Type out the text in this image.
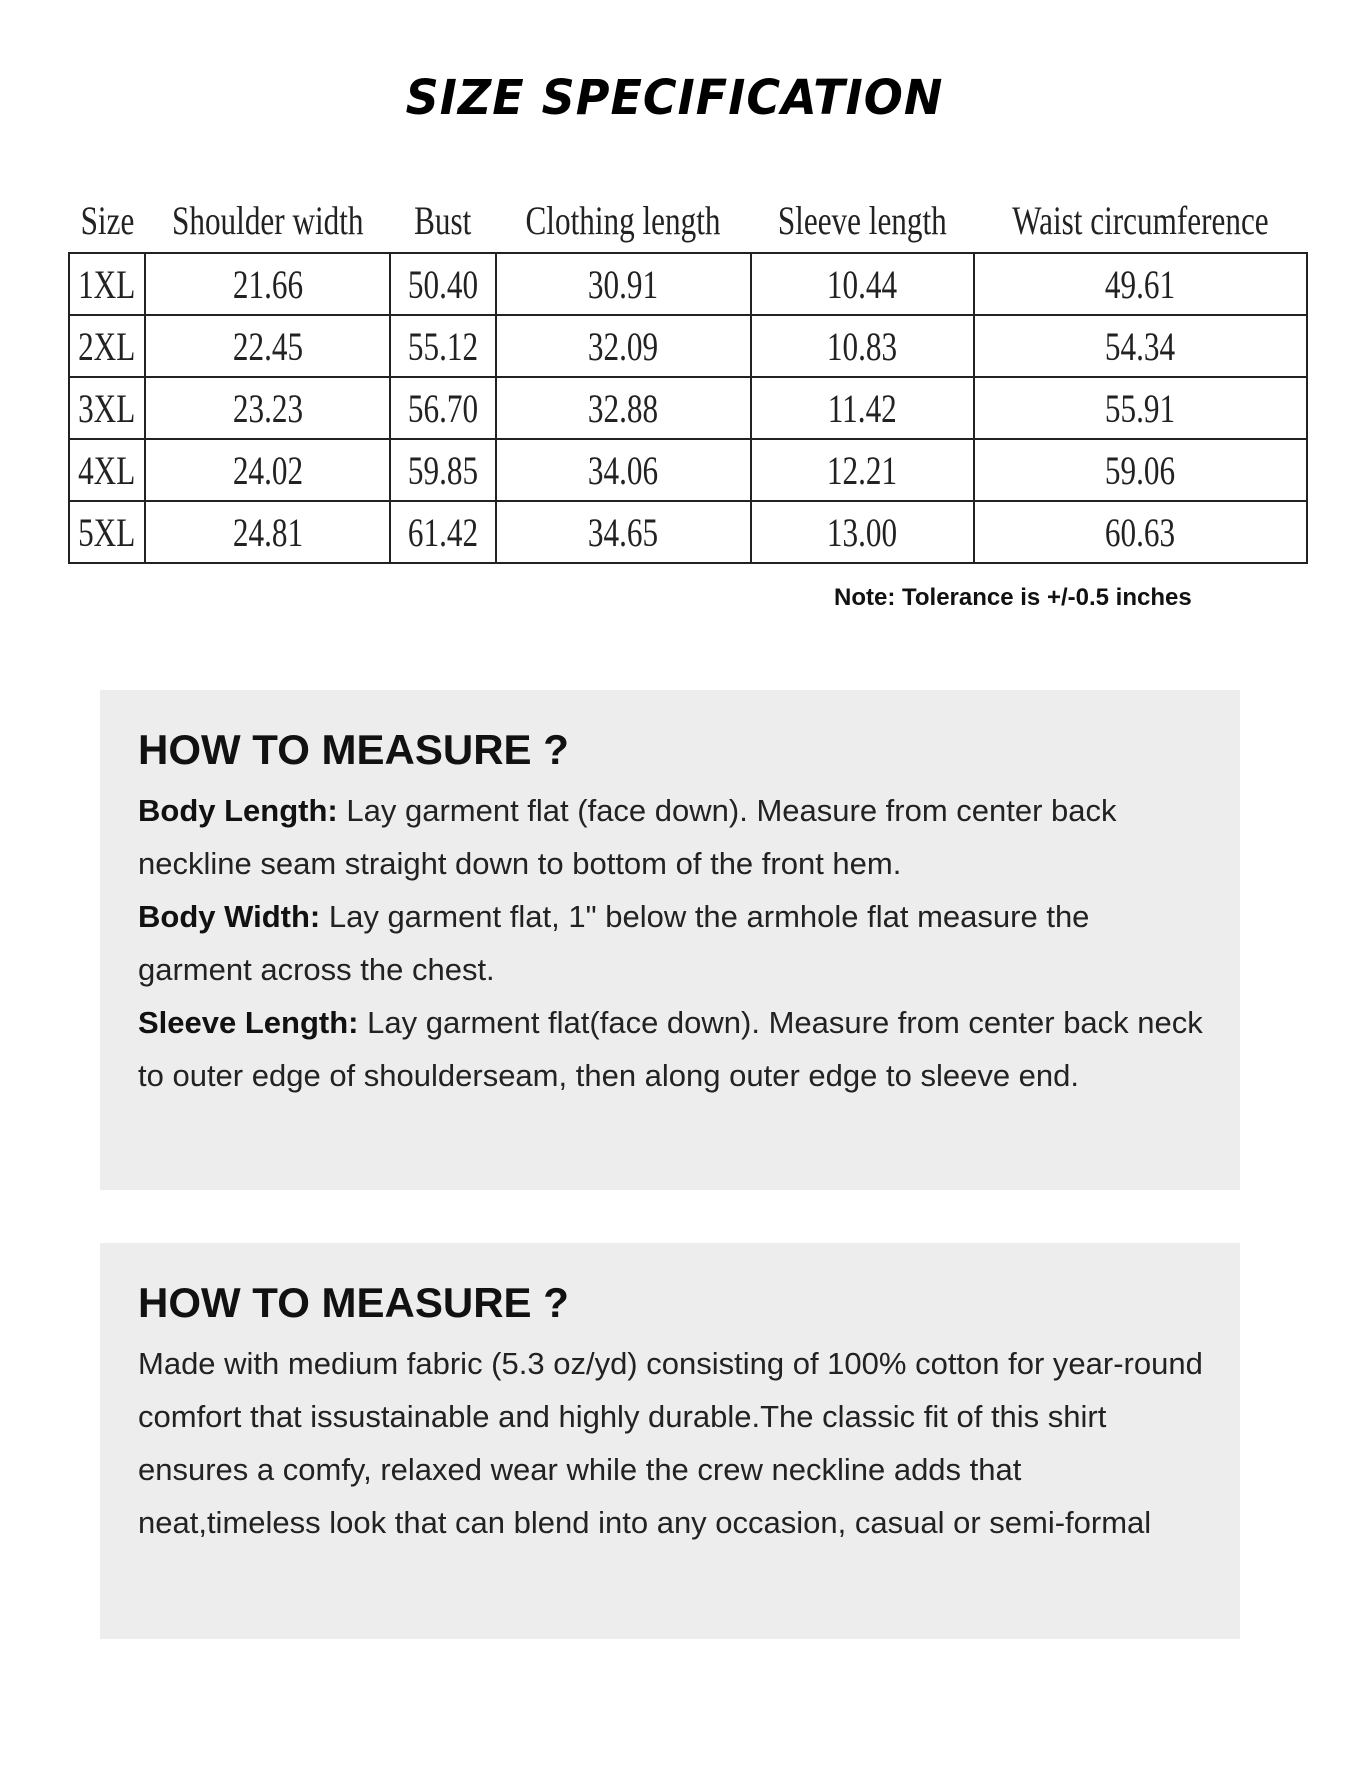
SIZE SPECIFICATION
Size	Shoulder width	Bust	Clothing length	Sleeve length	Waist circumference
1XL	21.66	50.40	30.91	10.44	49.61
2XL	22.45	55.12	32.09	10.83	54.34
3XL	23.23	56.70	32.88	11.42	55.91
4XL	24.02	59.85	34.06	12.21	59.06
5XL	24.81	61.42	34.65	13.00	60.63
Note: Tolerance is +/-0.5 inches
HOW TO MEASURE ?

Body Length: Lay garment flat (face down). Measure from center back neckline seam straight down to bottom of the front hem.

Body Width: Lay garment flat, 1" below the armhole flat measure the garment across the chest.

Sleeve Length: Lay garment flat(face down). Measure from center back neck to outer edge of shoulderseam, then along outer edge to sleeve end.

HOW TO MEASURE ?

Made with medium fabric (5.3 oz/yd) consisting of 100% cotton for year-round comfort that issustainable and highly durable.The classic fit of this shirt ensures a comfy, relaxed wear while the crew neckline adds that neat,timeless look that can blend into any occasion, casual or semi-formal
